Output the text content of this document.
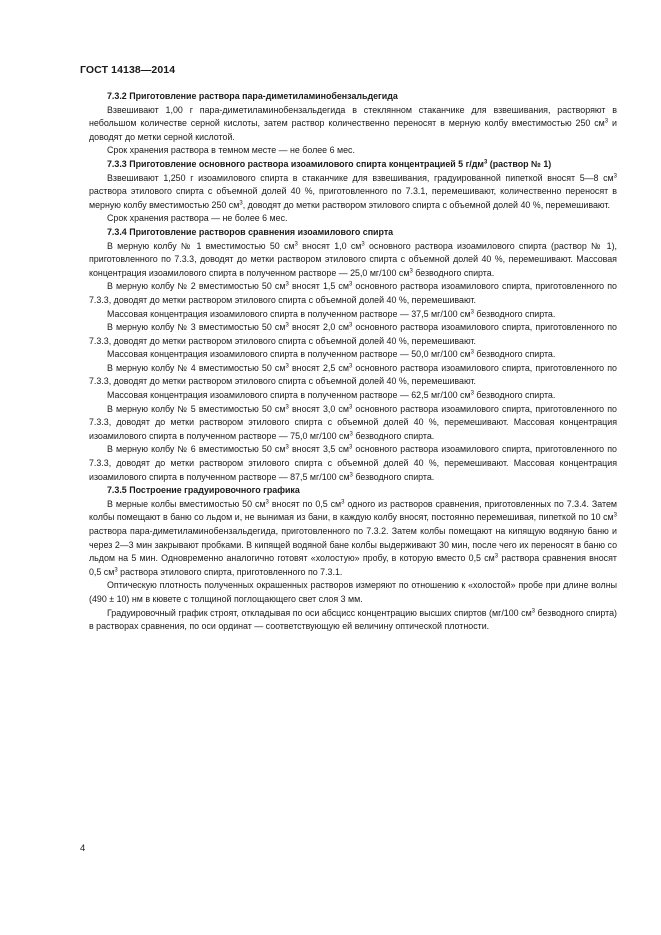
ГОСТ 14138—2014

7.3.2 Приготовление раствора пара-диметиламинобензальдегида

Взвешивают 1,00 г пара-диметиламинобензальдегида в стеклянном стаканчике для взвешивания, растворяют в небольшом количестве серной кислоты, затем раствор количественно переносят в мерную колбу вместимостью 250 $см^3$ и доводят до метки серной кислотой.

Срок хранения раствора в темном месте — не более 6 мес.

7.3.3 Приготовление основного раствора изоамилового спирта концентрацией 5 $г/дм^3$ (раствор № 1)

Взвешивают 1,250 г изоамилового спирта в стаканчике для взвешивания, градуированной пипеткой вносят 5—8 $см^3$ раствора этилового спирта с объемной долей 40 %, приготовленного по 7.3.1, перемешивают, количественно переносят в мерную колбу вместимостью 250 $см^3$, доводят до метки раствором этилового спирта с объемной долей 40 %, перемешивают.

Срок хранения раствора — не более 6 мес.

7.3.4 Приготовление растворов сравнения изоамилового спирта

В мерную колбу № 1 вместимостью 50 $см^3$ вносят 1,0 $см^3$ основного раствора изоамилового спирта (раствор № 1), приготовленного по 7.3.3, доводят до метки раствором этилового спирта с объемной долей 40 %, перемешивают. Массовая концентрация изоамилового спирта в полученном растворе — 25,0 мг/100 $см^3$ безводного спирта.

В мерную колбу № 2 вместимостью 50 $см^3$ вносят 1,5 $см^3$ основного раствора изоамилового спирта, приготовленного по 7.3.3, доводят до метки раствором этилового спирта с объемной долей 40 %, перемешивают.

Массовая концентрация изоамилового спирта в полученном растворе — 37,5 мг/100 $см^3$ безводного спирта.

В мерную колбу № 3 вместимостью 50 $см^3$ вносят 2,0 $см^3$ основного раствора изоамилового спирта, приготовленного по 7.3.3, доводят до метки раствором этилового спирта с объемной долей 40 %, перемешивают.

Массовая концентрация изоамилового спирта в полученном растворе — 50,0 мг/100 $см^3$ безводного спирта.

В мерную колбу № 4 вместимостью 50 $см^3$ вносят 2,5 $см^3$ основного раствора изоамилового спирта, приготовленного по 7.3.3, доводят до метки раствором этилового спирта с объемной долей 40 %, перемешивают.

Массовая концентрация изоамилового спирта в полученном растворе — 62,5 мг/100 $см^3$ безводного спирта.

В мерную колбу № 5 вместимостью 50 $см^3$ вносят 3,0 $см^3$ основного раствора изоамилового спирта, приготовленного по 7.3.3, доводят до метки раствором этилового спирта с объемной долей 40 %, перемешивают. Массовая концентрация изоамилового спирта в полученном растворе — 75,0 мг/100 $см^3$ безводного спирта.

В мерную колбу № 6 вместимостью 50 $см^3$ вносят 3,5 $см^3$ основного раствора изоамилового спирта, приготовленного по 7.3.3, доводят до метки раствором этилового спирта с объемной долей 40 %, перемешивают. Массовая концентрация изоамилового спирта в полученном растворе — 87,5 мг/100 $см^3$ безводного спирта.

7.3.5 Построение градуировочного графика

В мерные колбы вместимостью 50 $см^3$ вносят по 0,5 $см^3$ одного из растворов сравнения, приготовленных по 7.3.4. Затем колбы помещают в баню со льдом и, не вынимая из бани, в каждую колбу вносят, постоянно перемешивая, пипеткой по 10 $см^3$ раствора пара-диметиламинобензальдегида, приготовленного по 7.3.2. Затем колбы помещают на кипящую водяную баню и через 2—3 мин закрывают пробками. В кипящей водяной бане колбы выдерживают 30 мин, после чего их переносят в баню со льдом на 5 мин. Одновременно аналогично готовят «холостую» пробу, в которую вместо 0,5 $см^3$ раствора сравнения вносят 0,5 $см^3$ раствора этилового спирта, приготовленного по 7.3.1.

Оптическую плотность полученных окрашенных растворов измеряют по отношению к «холостой» пробе при длине волны (490 ± 10) нм в кювете с толщиной поглощающего свет слоя 3 мм.

Градуировочный график строят, откладывая по оси абсцисс концентрацию высших спиртов (мг/100 $см^3$ безводного спирта) в растворах сравнения, по оси ординат — соответствующую ей величину оптической плотности.

4
